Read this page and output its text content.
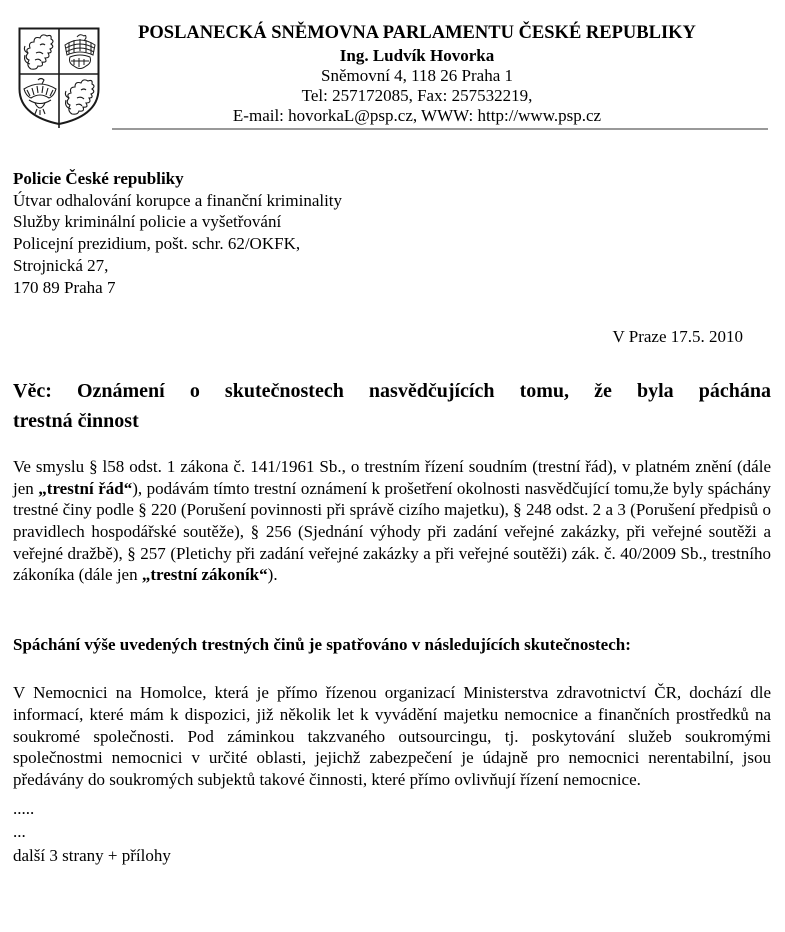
POSLANECKÁ SNĚMOVNA PARLAMENTU ČESKÉ REPUBLIKY
Ing. Ludvík Hovorka
Sněmovní 4, 118 26 Praha 1
Tel: 257172085, Fax: 257532219,
E-mail: hovorkaL@psp.cz, WWW: http://www.psp.cz
Policie České republiky
Útvar odhalování korupce a finanční kriminality
Služby kriminální policie a vyšetřování
Policejní prezidium, pošt. schr. 62/OKFK,
Strojnická 27,
170 89 Praha 7
V Praze 17.5. 2010
Věc: Oznámení o skutečnostech nasvědčujících tomu, že byla páchána
trestná činnost
Ve smyslu § l58 odst. 1 zákona č. 141/1961 Sb., o trestním řízení soudním (trestní řád), v platném znění (dále jen „trestní řád“), podávám tímto trestní oznámení k prošetření okolnosti nasvědčující tomu,že byly spáchány trestné činy podle § 220 (Porušení povinnosti při správě cizího majetku), § 248 odst. 2 a 3 (Porušení předpisů o pravidlech hospodářské soutěže), § 256 (Sjednání výhody při zadání veřejné zakázky, při veřejné soutěži a veřejné dražbě), § 257 (Pletichy při zadání veřejné zakázky a při veřejné soutěži) zák. č. 40/2009 Sb., trestního zákoníka (dále jen „trestní zákoník“).
Spáchání výše uvedených trestných činů je spatřováno v následujících skutečnostech:
V Nemocnici na Homolce, která je přímo řízenou organizací Ministerstva zdravotnictví ČR, dochází dle informací, které mám k dispozici, již několik let k vyvádění majetku nemocnice a finančních prostředků na soukromé společnosti. Pod záminkou takzvaného outsourcingu, tj. poskytování služeb soukromými společnostmi nemocnici v určité oblasti, jejichž zabezpečení je údajně pro nemocnici nerentabilní, jsou předávány do soukromých subjektů takové činnosti, které přímo ovlivňují řízení nemocnice.
.....
...
další 3 strany + přílohy
